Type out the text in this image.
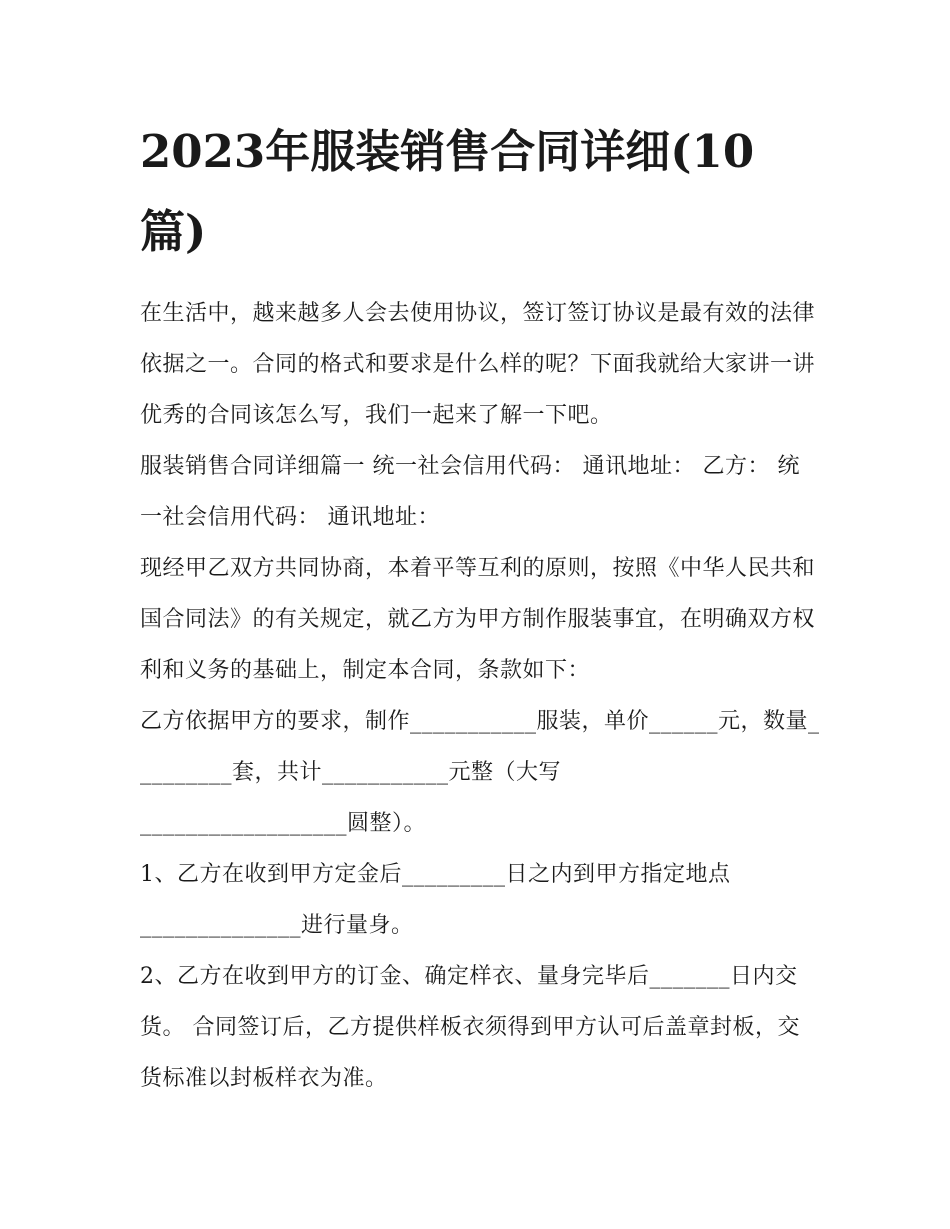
2023年服装销售合同详细(10篇)

在生活中，越来越多人会去使用协议，签订签订协议是最有效的法律依据之一。合同的格式和要求是什么样的呢？下面我就给大家讲一讲优秀的合同该怎么写，我们一起来了解一下吧。

服装销售合同详细篇一 统一社会信用代码： 通讯地址： 乙方： 统一社会信用代码： 通讯地址：

现经甲乙双方共同协商，本着平等互利的原则，按照《中华人民共和国合同法》的有关规定，就乙方为甲方制作服装事宜，在明确双方权利和义务的基础上，制定本合同，条款如下：

乙方依据甲方的要求，制作___________服装，单价______元，数量_________套，共计___________元整（大写
__________________圆整）。

1、乙方在收到甲方定金后_________日之内到甲方指定地点
______________进行量身。

2、乙方在收到甲方的订金、确定样衣、量身完毕后_______日内交货。 合同签订后，乙方提供样板衣须得到甲方认可后盖章封板，交货标准以封板样衣为准。
